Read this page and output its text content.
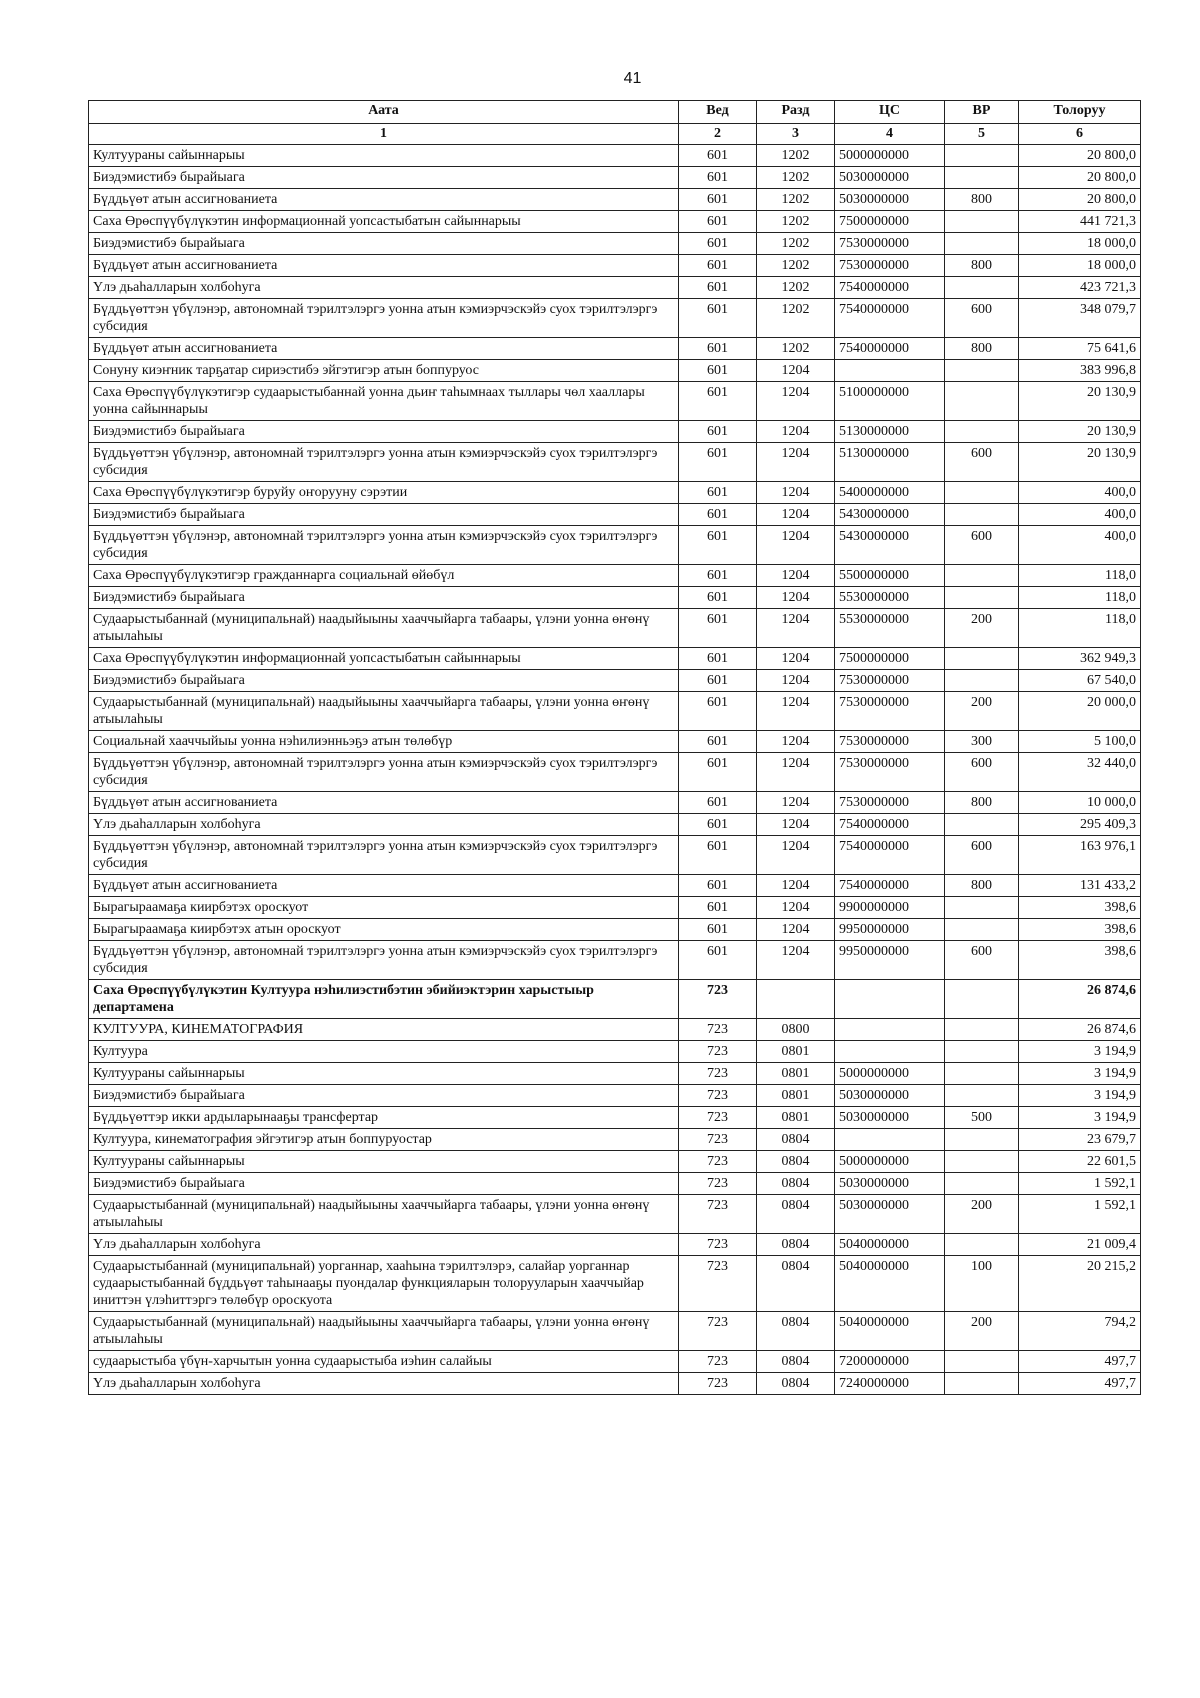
41
Аата	Вед	Разд	ЦС	ВР	Толоруу
1	2	3	4	5	6
Култуураны сайыннарыы	601	1202	5000000000		20 800,0
Биэдэмистибэ бырайыага	601	1202	5030000000		20 800,0
Бүддьүөт атын ассигнованиета	601	1202	5030000000	800	20 800,0
Саха Өрөспүүбүлүкэтин информационнай уопсастыбатын сайыннарыы	601	1202	7500000000		441 721,3
Биэдэмистибэ бырайыага	601	1202	7530000000		18 000,0
Бүддьүөт атын ассигнованиета	601	1202	7530000000	800	18 000,0
Үлэ дьаһалларын холбоһуга	601	1202	7540000000		423 721,3
Бүддьүөттэн үбүлэнэр, автономнай тэрилтэлэргэ уонна атын кэмиэрчэскэйэ суох тэрилтэлэргэ субсидия	601	1202	7540000000	600	348 079,7
Бүддьүөт атын ассигнованиета	601	1202	7540000000	800	75 641,6
Сонуну киэҥник тарҕатар сириэстибэ эйгэтигэр атын боппуруос	601	1204			383 996,8
Саха Өрөспүүбүлүкэтигэр судаарыстыбаннай уонна дьиҥ таһымнаах тыллары чөл хааллары уонна сайыннарыы	601	1204	5100000000		20 130,9
Биэдэмистибэ бырайыага	601	1204	5130000000		20 130,9
Бүддьүөттэн үбүлэнэр, автономнай тэрилтэлэргэ уонна атын кэмиэрчэскэйэ суох тэрилтэлэргэ субсидия	601	1204	5130000000	600	20 130,9
Саха Өрөспүүбүлүкэтигэр буруйу оҥорууну сэрэтии	601	1204	5400000000		400,0
Биэдэмистибэ бырайыага	601	1204	5430000000		400,0
Бүддьүөттэн үбүлэнэр, автономнай тэрилтэлэргэ уонна атын кэмиэрчэскэйэ суох тэрилтэлэргэ субсидия	601	1204	5430000000	600	400,0
Саха Өрөспүүбүлүкэтигэр гражданнарга социальнай өйөбүл	601	1204	5500000000		118,0
Биэдэмистибэ бырайыага	601	1204	5530000000		118,0
Судаарыстыбаннай (муниципальнай) наадыйыыны хааччыйарга табаары, үлэни уонна өҥөнү атыылаһыы	601	1204	5530000000	200	118,0
Саха Өрөспүүбүлүкэтин информационнай уопсастыбатын сайыннарыы	601	1204	7500000000		362 949,3
Биэдэмистибэ бырайыага	601	1204	7530000000		67 540,0
Судаарыстыбаннай (муниципальнай) наадыйыыны хааччыйарга табаары, үлэни уонна өҥөнү атыылаһыы	601	1204	7530000000	200	20 000,0
Социальнай хааччыйыы уонна нэһилиэнньэҕэ атын төлөбүр	601	1204	7530000000	300	5 100,0
Бүддьүөттэн үбүлэнэр, автономнай тэрилтэлэргэ уонна атын кэмиэрчэскэйэ суох тэрилтэлэргэ субсидия	601	1204	7530000000	600	32 440,0
Бүддьүөт атын ассигнованиета	601	1204	7530000000	800	10 000,0
Үлэ дьаһалларын холбоһуга	601	1204	7540000000		295 409,3
Бүддьүөттэн үбүлэнэр, автономнай тэрилтэлэргэ уонна атын кэмиэрчэскэйэ суох тэрилтэлэргэ субсидия	601	1204	7540000000	600	163 976,1
Бүддьүөт атын ассигнованиета	601	1204	7540000000	800	131 433,2
Бырагыраамаҕа киирбэтэх ороскуот	601	1204	9900000000		398,6
Бырагыраамаҕа киирбэтэх атын ороскуот	601	1204	9950000000		398,6
Бүддьүөттэн үбүлэнэр, автономнай тэрилтэлэргэ уонна атын кэмиэрчэскэйэ суох тэрилтэлэргэ субсидия	601	1204	9950000000	600	398,6
Саха Өрөспүүбүлүкэтин Култуура нэһилиэстибэтин эбийиэктэрин харыстыыр департамена	723				26 874,6
КУЛТУУРА, КИНЕМАТОГРАФИЯ	723	0800			26 874,6
Култуура	723	0801			3 194,9
Култуураны сайыннарыы	723	0801	5000000000		3 194,9
Биэдэмистибэ бырайыага	723	0801	5030000000		3 194,9
Бүддьүөттэр икки ардыларынааҕы трансфертар	723	0801	5030000000	500	3 194,9
Култуура, кинематография эйгэтигэр атын боппуруостар	723	0804			23 679,7
Култуураны сайыннарыы	723	0804	5000000000		22 601,5
Биэдэмистибэ бырайыага	723	0804	5030000000		1 592,1
Судаарыстыбаннай (муниципальнай) наадыйыыны хааччыйарга табаары, үлэни уонна өҥөнү атыылаһыы	723	0804	5030000000	200	1 592,1
Үлэ дьаһалларын холбоһуга	723	0804	5040000000		21 009,4
Судаарыстыбаннай (муниципальнай) уорганнар, хааһына тэрилтэлэрэ, салайар уорганнар судаарыстыбаннай бүддьүөт таһынааҕы пуондалар функцияларын толорууларын хааччыйар иниттэн үлэһиттэргэ төлөбүр ороскуота	723	0804	5040000000	100	20 215,2
Судаарыстыбаннай (муниципальнай) наадыйыыны хааччыйарга табаары, үлэни уонна өҥөнү атыылаһыы	723	0804	5040000000	200	794,2
судаарыстыба үбүн-харчытын уонна судаарыстыба иэһин салайыы	723	0804	7200000000		497,7
Үлэ дьаһалларын холбоһуга	723	0804	7240000000		497,7
